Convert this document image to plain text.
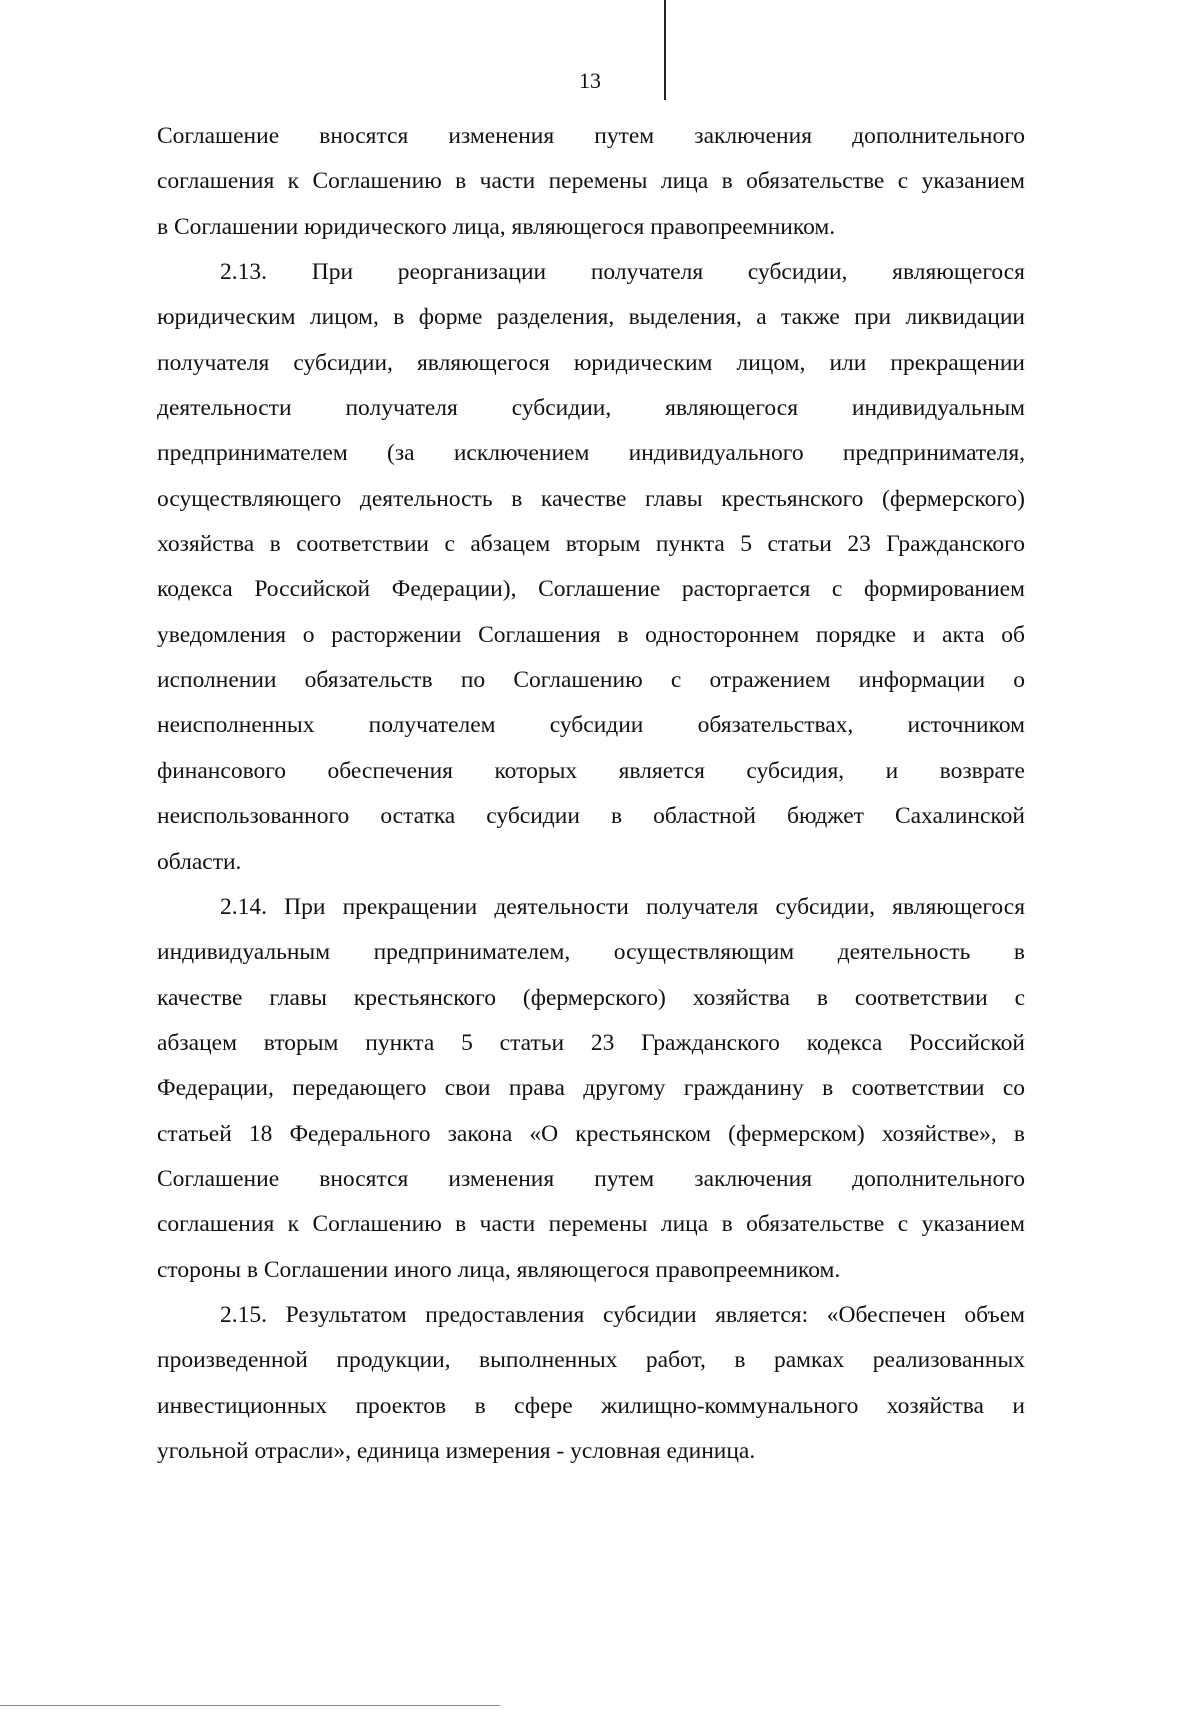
13
Соглашение вносятся изменения путем заключения дополнительного
соглашения к Соглашению в части перемены лица в обязательстве с указанием
в Соглашении юридического лица, являющегося правопреемником.
2.13. При реорганизации получателя субсидии, являющегося
юридическим лицом, в форме разделения, выделения, а также при ликвидации
получателя субсидии, являющегося юридическим лицом, или прекращении
деятельности получателя субсидии, являющегося индивидуальным
предпринимателем (за исключением индивидуального предпринимателя,
осуществляющего деятельность в качестве главы крестьянского (фермерского)
хозяйства в соответствии с абзацем вторым пункта 5 статьи 23 Гражданского
кодекса Российской Федерации), Соглашение расторгается с формированием
уведомления о расторжении Соглашения в одностороннем порядке и акта об
исполнении обязательств по Соглашению с отражением информации о
неисполненных получателем субсидии обязательствах, источником
финансового обеспечения которых является субсидия, и возврате
неиспользованного остатка субсидии в областной бюджет Сахалинской
области.
2.14. При прекращении деятельности получателя субсидии, являющегося
индивидуальным предпринимателем, осуществляющим деятельность в
качестве главы крестьянского (фермерского) хозяйства в соответствии с
абзацем вторым пункта 5 статьи 23 Гражданского кодекса Российской
Федерации, передающего свои права другому гражданину в соответствии со
статьей 18 Федерального закона «О крестьянском (фермерском) хозяйстве», в
Соглашение вносятся изменения путем заключения дополнительного
соглашения к Соглашению в части перемены лица в обязательстве с указанием
стороны в Соглашении иного лица, являющегося правопреемником.
2.15. Результатом предоставления субсидии является: «Обеспечен объем
произведенной продукции, выполненных работ, в рамках реализованных
инвестиционных проектов в сфере жилищно-коммунального хозяйства и
угольной отрасли», единица измерения - условная единица.
